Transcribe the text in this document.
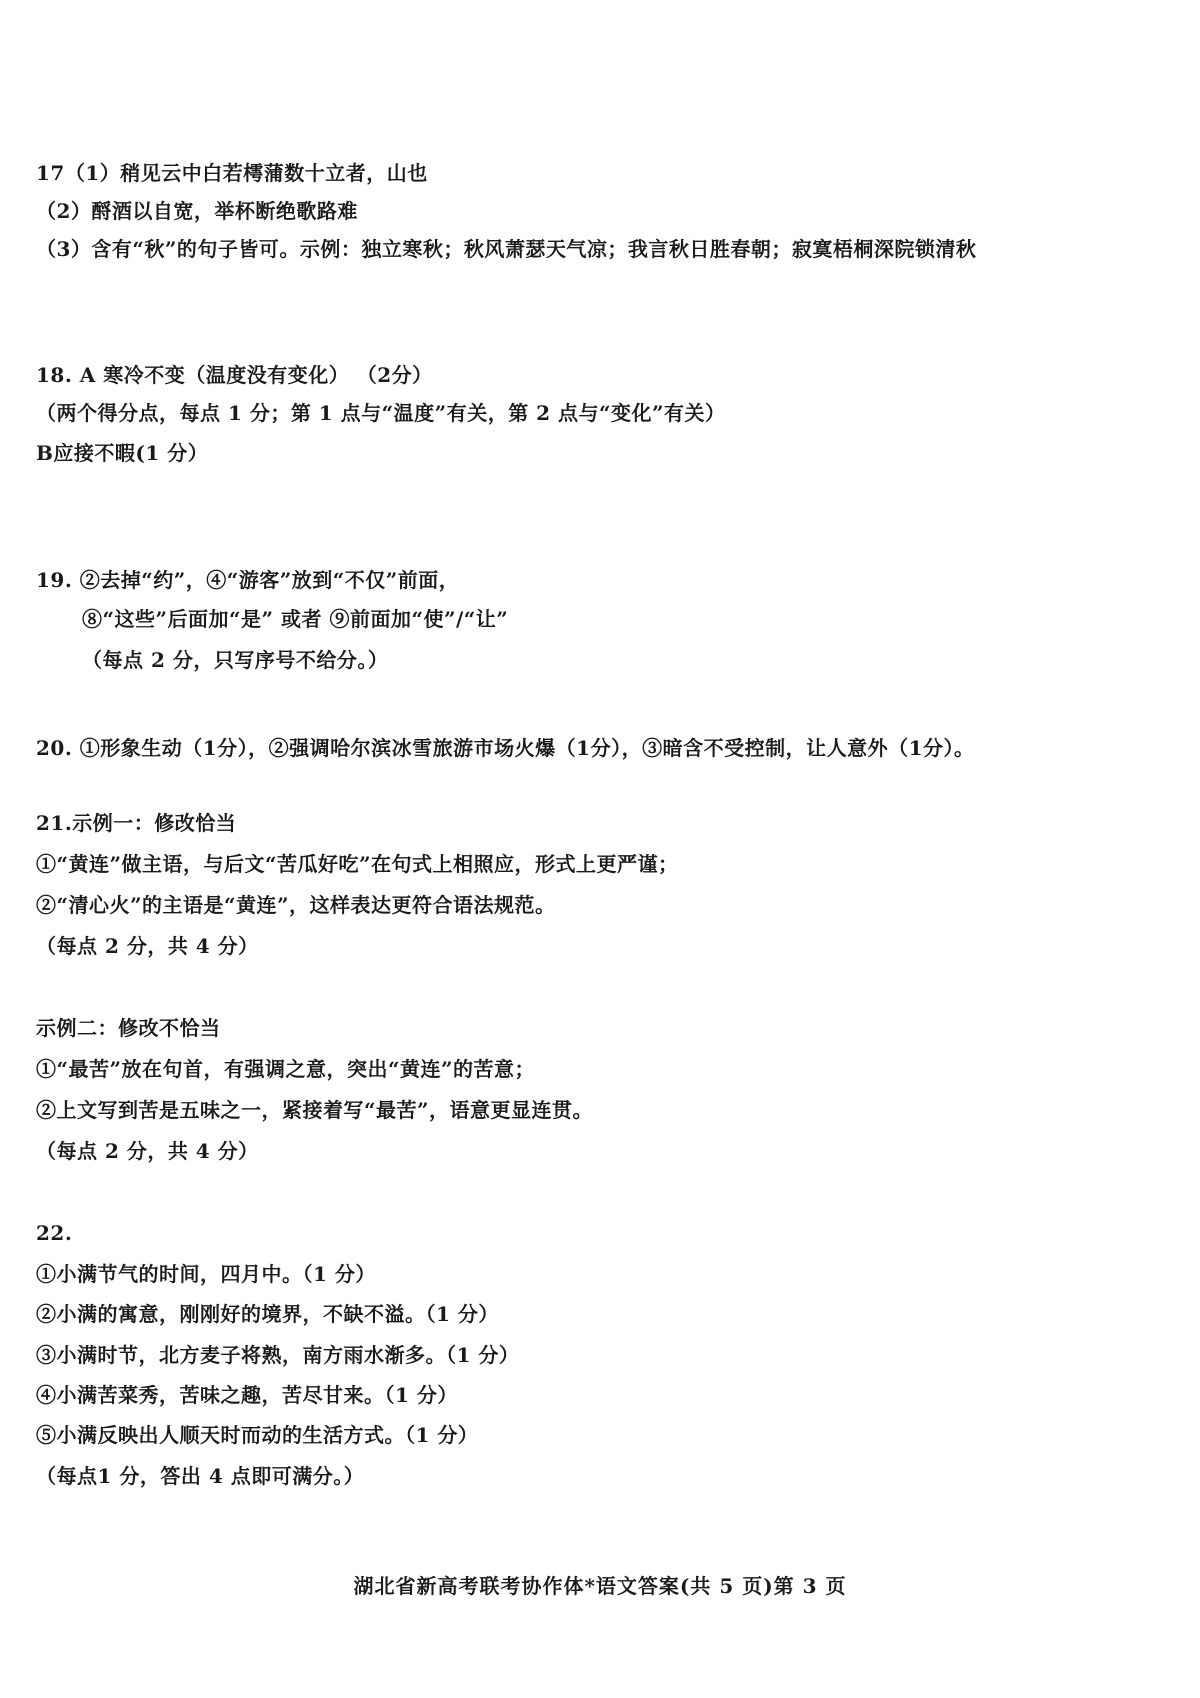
17（1）稍见云中白若樗蒲数十立者，山也
（2）酹酒以自宽，举杯断绝歌路难
（3）含有“秋”的句子皆可。示例：独立寒秋；秋风萧瑟天气凉；我言秋日胜春朝；寂寞梧桐深院锁清秋
18. A 寒冷不变（温度没有变化） （2分）
（两个得分点，每点 1 分；第 1 点与“温度”有关，第 2 点与“变化”有关）
B应接不暇(1 分）
19. ②去掉“约”，④“游客”放到“不仅”前面，
⑧“这些”后面加“是” 或者 ⑨前面加“使”/“让”
（每点 2 分，只写序号不给分。）
20. ①形象生动（1分），②强调哈尔滨冰雪旅游市场火爆（1分），③暗含不受控制，让人意外（1分）。
21.示例一：修改恰当
①“黄连”做主语，与后文“苦瓜好吃”在句式上相照应，形式上更严谨；
②“清心火”的主语是“黄连”，这样表达更符合语法规范。
（每点 2 分，共 4 分）
示例二：修改不恰当
①“最苦”放在句首，有强调之意，突出“黄连”的苦意；
②上文写到苦是五味之一，紧接着写“最苦”，语意更显连贯。
（每点 2 分，共 4 分）
22.
①小满节气的时间，四月中。（1 分）
②小满的寓意，刚刚好的境界，不缺不溢。（1 分）
③小满时节，北方麦子将熟，南方雨水渐多。（1 分）
④小满苦菜秀，苦味之趣，苦尽甘来。（1 分）
⑤小满反映出人顺天时而动的生活方式。（1 分）
（每点1 分，答出 4 点即可满分。）
湖北省新高考联考协作体*语文答案(共 5 页)第 3 页
